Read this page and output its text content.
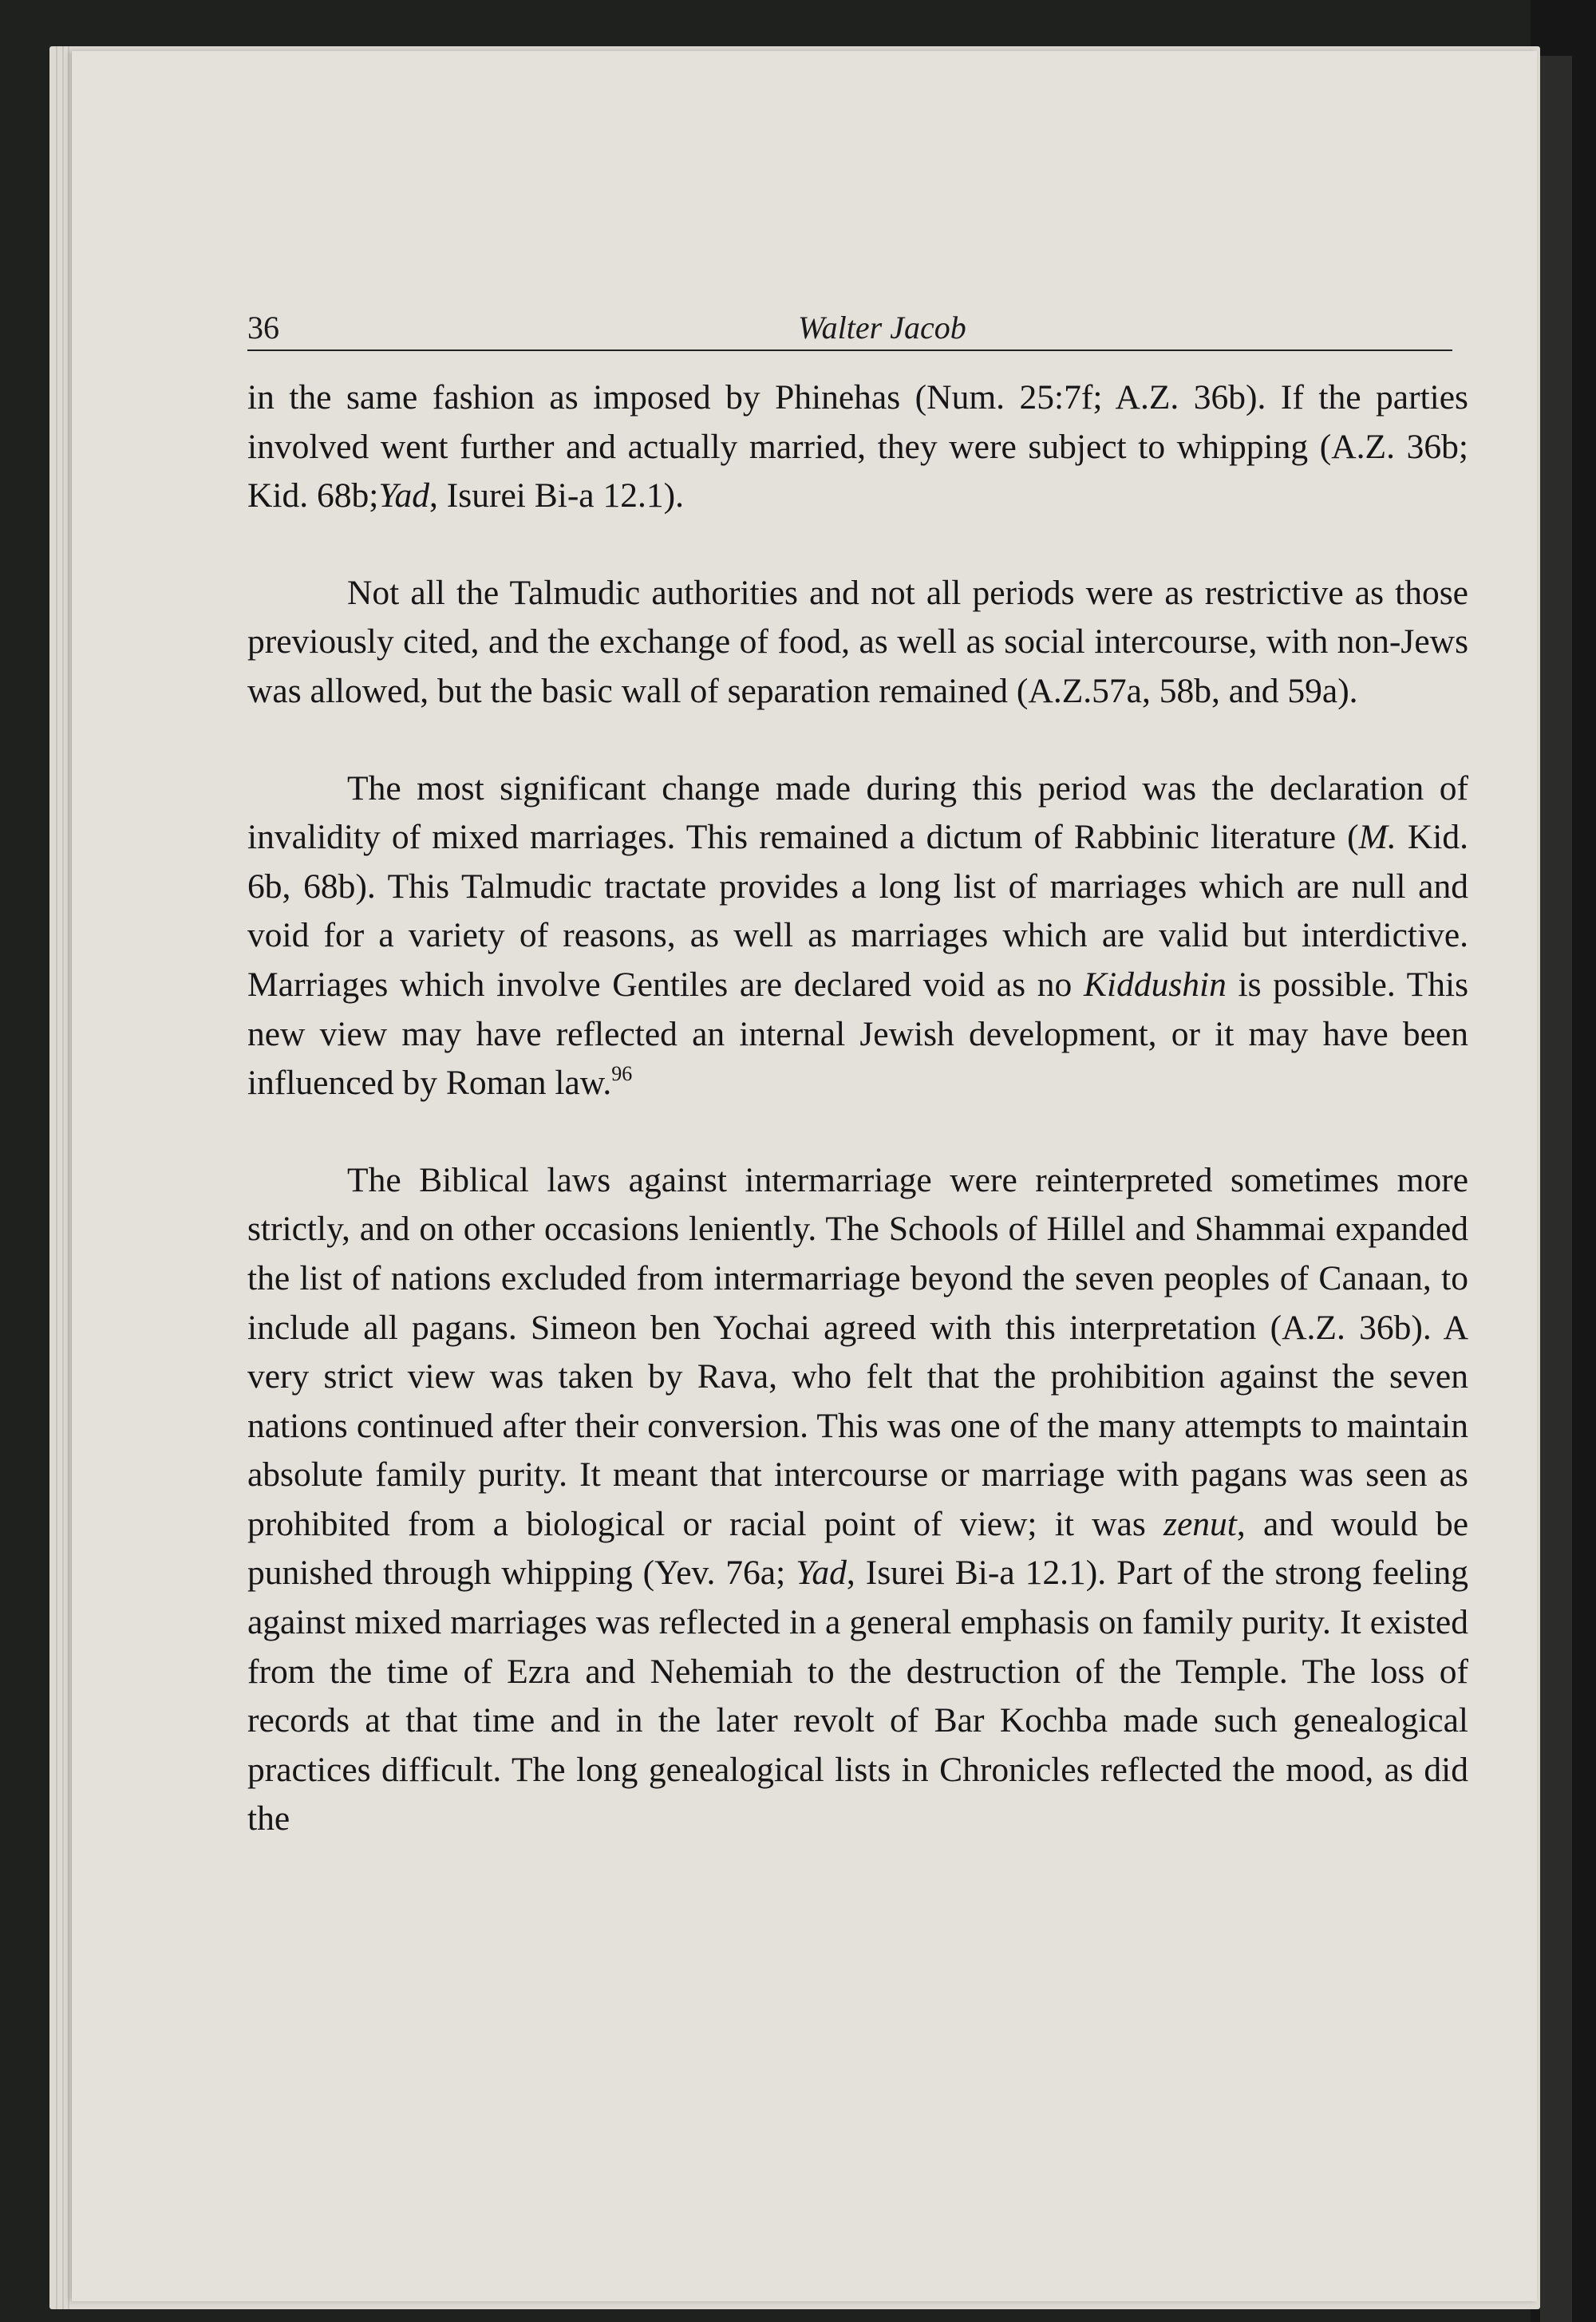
36	Walter Jacob

in the same fashion as imposed by Phinehas (Num. 25:7f; A.Z. 36b). If the parties involved went further and actually married, they were subject to whipping (A.Z. 36b; Kid. 68b;Yad, Isurei Bi-a 12.1).

Not all the Talmudic authorities and not all periods were as restrictive as those previously cited, and the exchange of food, as well as social intercourse, with non-Jews was allowed, but the basic wall of separation remained (A.Z.57a, 58b, and 59a).

The most significant change made during this period was the declaration of invalidity of mixed marriages. This remained a dictum of Rabbinic literature (M. Kid. 6b, 68b). This Talmudic tractate provides a long list of marriages which are null and void for a variety of reasons, as well as marriages which are valid but interdictive. Marriages which involve Gentiles are declared void as no Kiddushin is possible. This new view may have reflected an internal Jewish development, or it may have been influenced by Roman law.$^{96}$

The Biblical laws against intermarriage were reinterpreted sometimes more strictly, and on other occasions leniently. The Schools of Hillel and Shammai expanded the list of nations excluded from intermarriage beyond the seven peoples of Canaan, to include all pagans. Simeon ben Yochai agreed with this interpretation (A.Z. 36b). A very strict view was taken by Rava, who felt that the prohibition against the seven nations continued after their conversion. This was one of the many attempts to maintain absolute family purity. It meant that intercourse or marriage with pagans was seen as prohibited from a biological or racial point of view; it was zenut, and would be punished through whipping (Yev. 76a; Yad, Isurei Bi-a 12.1). Part of the strong feeling against mixed marriages was reflected in a general emphasis on family purity. It existed from the time of Ezra and Nehemiah to the destruction of the Temple. The loss of records at that time and in the later revolt of Bar Kochba made such genealogical practices difficult. The long genealogical lists in Chronicles reflected the mood, as did the
